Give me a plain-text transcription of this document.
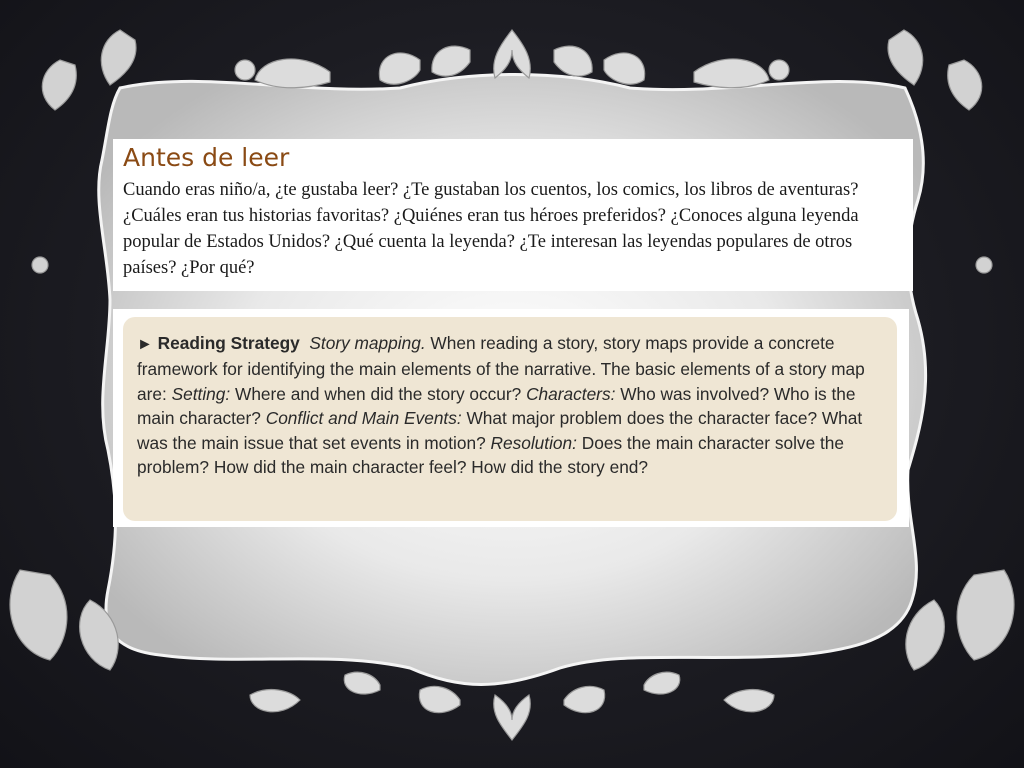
Antes de leer

Cuando eras niño/a, ¿te gustaba leer? ¿Te gustaban los cuentos, los comics, los libros de aventuras? ¿Cuáles eran tus historias favoritas? ¿Quiénes eran tus héroes preferidos? ¿Conoces alguna leyenda popular de Estados Unidos? ¿Qué cuenta la leyenda? ¿Te interesan las leyendas populares de otros países? ¿Por qué?

► Reading Strategy Story mapping. When reading a story, story maps provide a concrete framework for identifying the main elements of the narrative. The basic elements of a story map are: Setting: Where and when did the story occur? Characters: Who was involved? Who is the main character? Conflict and Main Events: What major problem does the character face? What was the main issue that set events in motion? Resolution: Does the main character solve the problem? How did the main character feel? How did the story end?
